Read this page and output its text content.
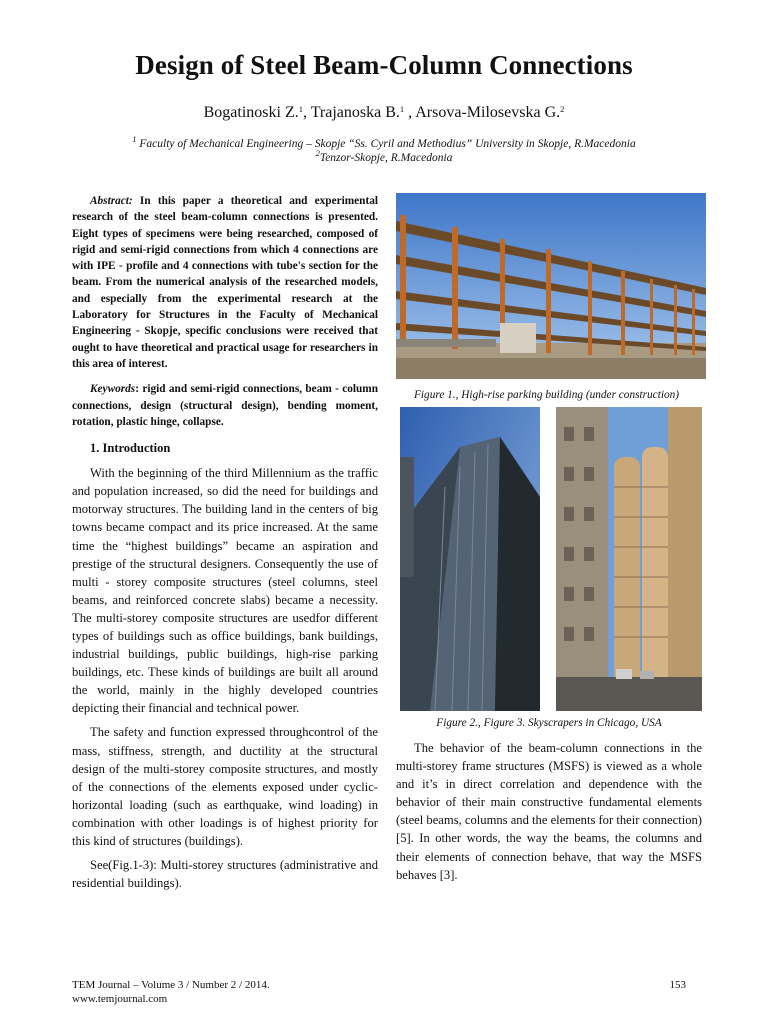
Design of Steel Beam-Column Connections
Bogatinoski Z.$^1$, Trajanoska B.$^1$ , Arsova-Milosevska G.$^2$
$^1$ Faculty of Mechanical Engineering – Skopje “Ss. Cyril and Methodius” University in Skopje, R.Macedonia
$^2$Tenzor-Skopje, R.Macedonia

Abstract: In this paper a theoretical and experimental research of the steel beam-column connections is presented. Eight types of specimens were being researched, composed of rigid and semi-rigid connections from which 4 connections are with IPE - profile and 4 connections with tube's section for the beam. From the numerical analysis of the researched models, and especially from the experimental research at the Laboratory for Structures in the Faculty of Mechanical Engineering - Skopje, specific conclusions were received that ought to have theoretical and practical usage for researchers in this area of interest.

Keywords: rigid and semi-rigid connections, beam - column connections, design (structural design), bending moment, rotation, plastic hinge, collapse.

1. Introduction

With the beginning of the third Millennium as the traffic and population increased, so did the need for buildings and motorway structures. The building land in the centers of big towns became compact and its price increased. At the same time the “highest buildings” became an aspiration and prestige of the structural designers. Consequently the use of multi - storey composite structures (steel columns, steel beams, and reinforced concrete slabs) became a necessity. The multi-storey composite structures are usedfor different types of buildings such as office buildings, bank buildings, industrial buildings, public buildings, high-rise parking buildings, etc. These kinds of buildings are built all around the world, mainly in the highly developed countries depicting their financial and technical power.

The safety and function expressed throughcontrol of the mass, stiffness, strength, and ductility at the structural design of the multi-storey composite structures, and mostly of the connections of the elements exposed under cyclic-horizontal loading (such as earthquake, wind loading) in combination with other loadings is of highest priority for this kind of structures (buildings).

See(Fig.1-3): Multi-storey structures (administrative and residential buildings).

Figure 1., High-rise parking building (under construction)

Figure 2., Figure 3. Skyscrapers in Chicago, USA

The behavior of the beam-column connections in the multi-storey frame structures (MSFS) is viewed as a whole and it’s in direct correlation and dependence with the behavior of their main constructive fundamental elements (steel beams, columns and the elements for their connection) [5]. In other words, the way the beams, the columns and their elements of connection behave, that way the MSFS behaves [3].

TEM Journal – Volume 3 / Number 2 / 2014.
www.temjournal.com
153
